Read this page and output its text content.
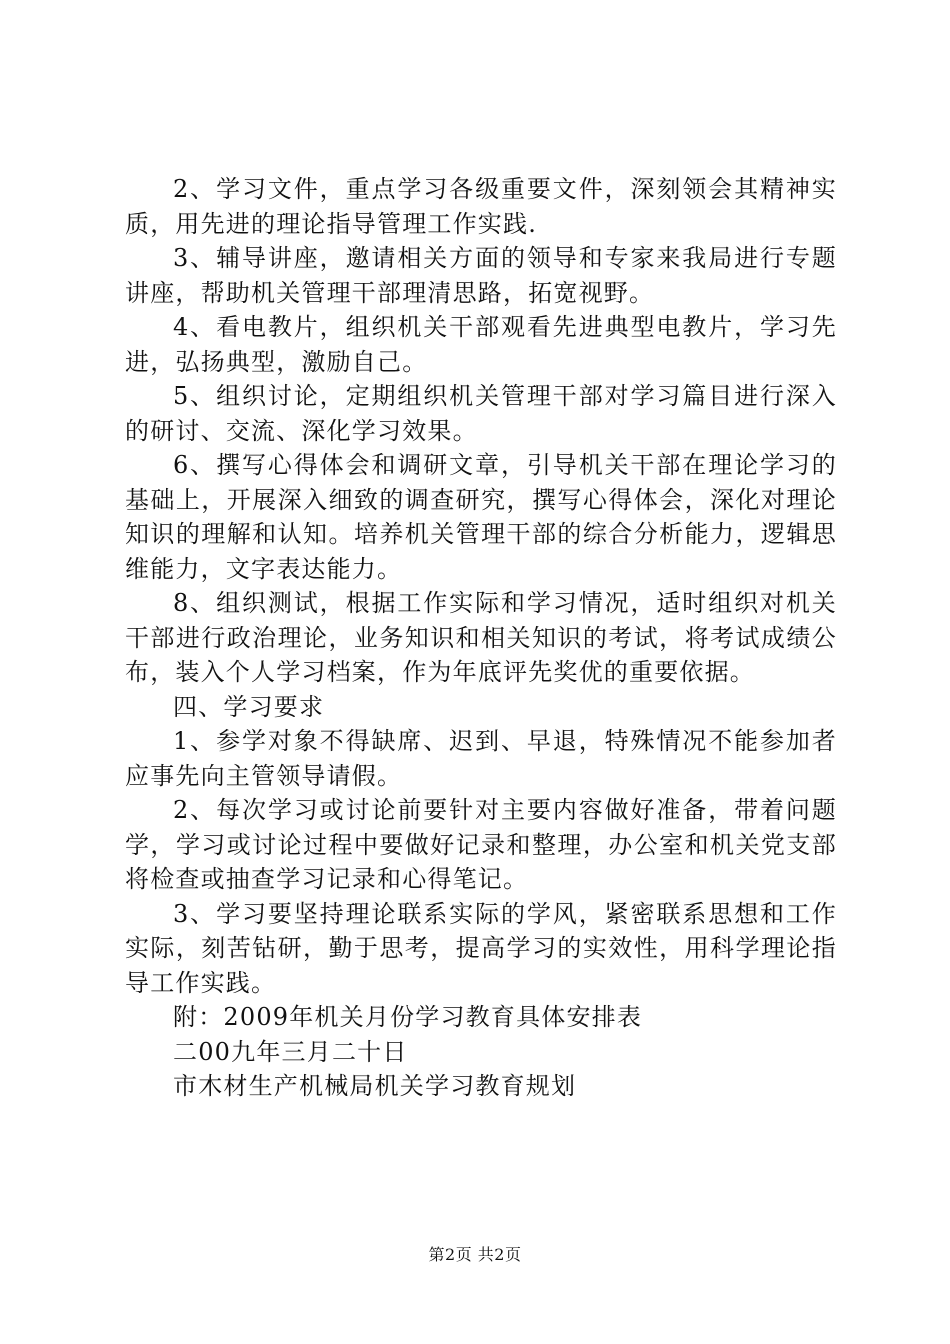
2、学习文件，重点学习各级重要文件，深刻领会其精神实质，用先进的理论指导管理工作实践.

3、辅导讲座，邀请相关方面的领导和专家来我局进行专题讲座，帮助机关管理干部理清思路，拓宽视野。

4、看电教片，组织机关干部观看先进典型电教片，学习先进，弘扬典型，激励自己。

5、组织讨论，定期组织机关管理干部对学习篇目进行深入的研讨、交流、深化学习效果。

6、撰写心得体会和调研文章，引导机关干部在理论学习的基础上，开展深入细致的调查研究，撰写心得体会，深化对理论知识的理解和认知。培养机关管理干部的综合分析能力，逻辑思维能力，文字表达能力。

8、组织测试，根据工作实际和学习情况，适时组织对机关干部进行政治理论，业务知识和相关知识的考试，将考试成绩公布，装入个人学习档案，作为年底评先奖优的重要依据。

四、学习要求

1、参学对象不得缺席、迟到、早退，特殊情况不能参加者应事先向主管领导请假。

2、每次学习或讨论前要针对主要内容做好准备，带着问题学，学习或讨论过程中要做好记录和整理，办公室和机关党支部将检查或抽查学习记录和心得笔记。

3、学习要坚持理论联系实际的学风，紧密联系思想和工作实际，刻苦钻研，勤于思考，提高学习的实效性，用科学理论指导工作实践。

附：2009年机关月份学习教育具体安排表

二00九年三月二十日

市木材生产机械局机关学习教育规划

第2页 共2页
